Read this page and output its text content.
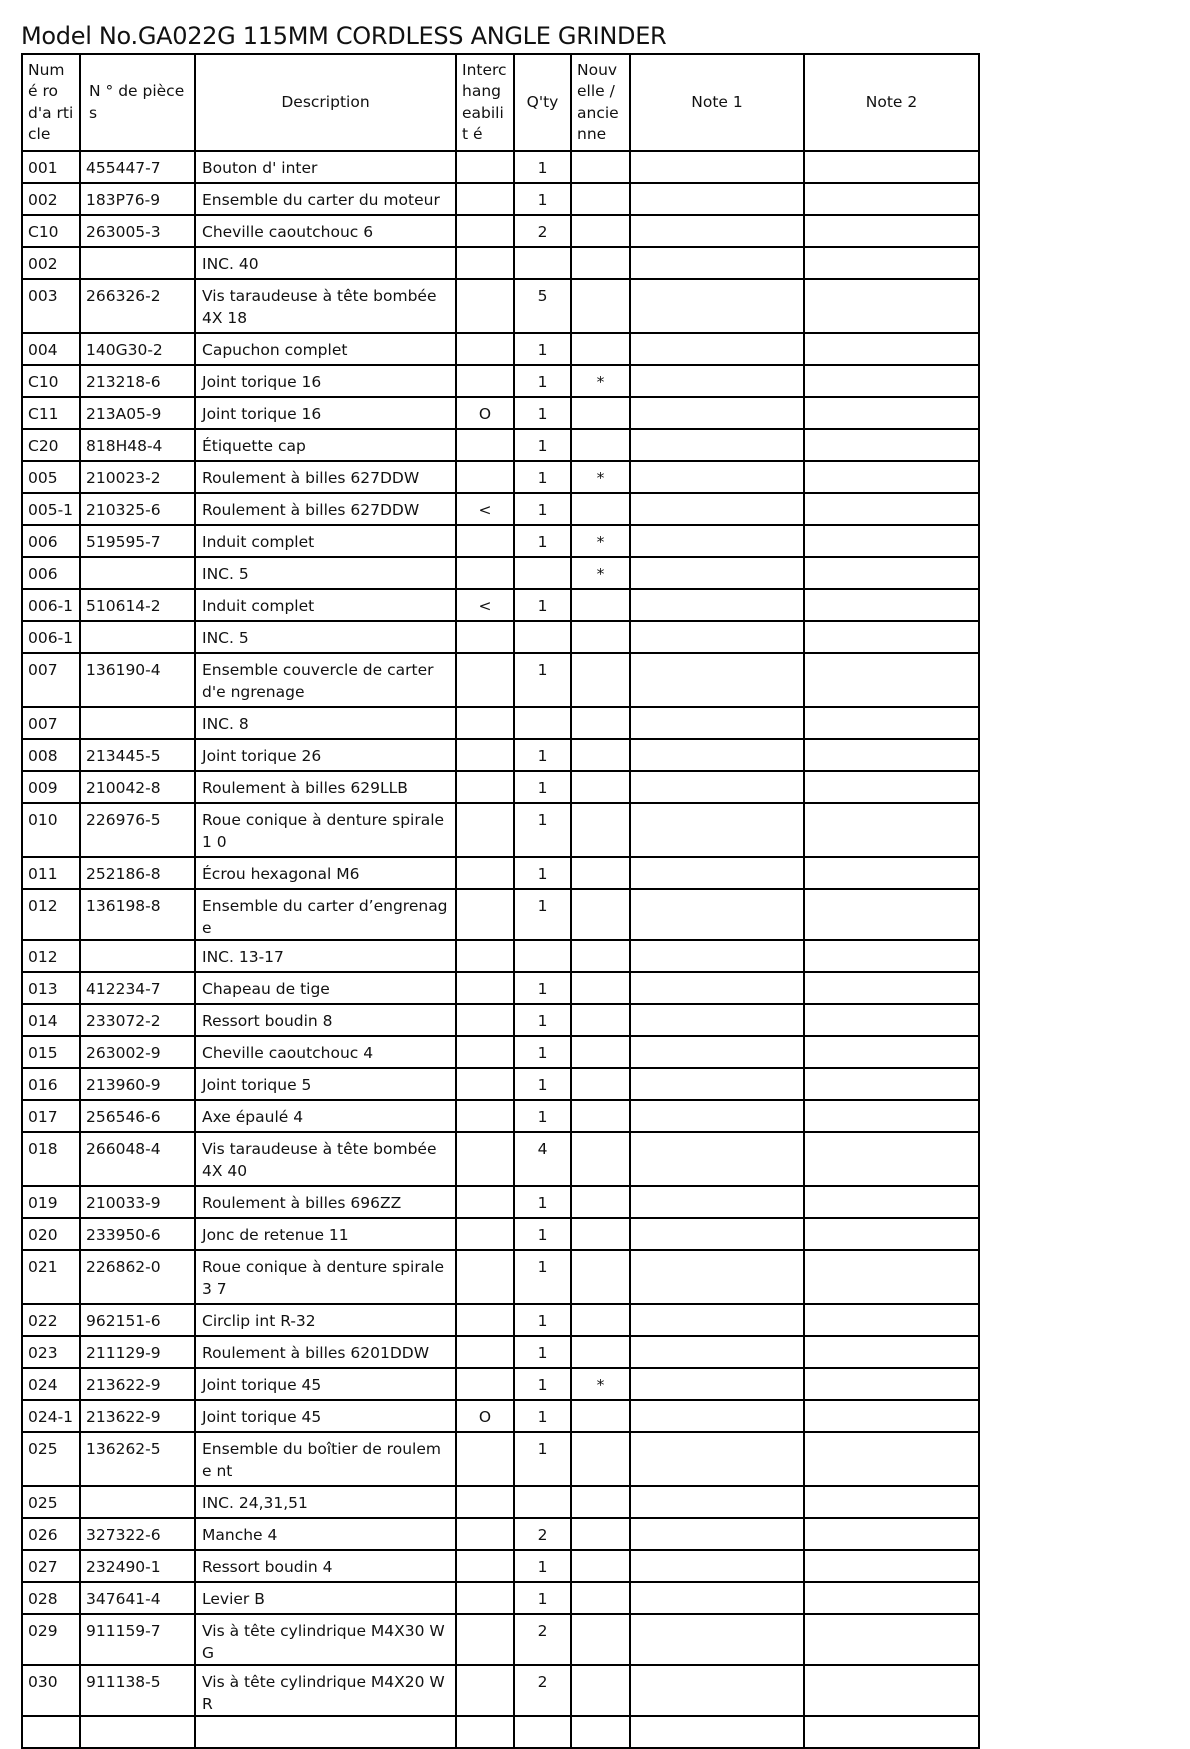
Model No.GA022G 115MM CORDLESS ANGLE GRINDER
Numé ro d'a rticle	N ° de pièces	Description	Interc hang eabilit é	Q'ty	Nouv elle / ancie nne	Note 1	Note 2
001	455447-7	Bouton d' inter		1			
002	183P76-9	Ensemble du carter du moteur		1			
C10	263005-3	Cheville caoutchouc 6		2			
002		INC. 40					
003	266326-2	Vis taraudeuse à tête bombée 4X 18		5			
004	140G30-2	Capuchon complet		1			
C10	213218-6	Joint torique 16		1	*		
C11	213A05-9	Joint torique 16	O	1			
C20	818H48-4	Étiquette cap		1			
005	210023-2	Roulement à billes 627DDW		1	*		
005-1	210325-6	Roulement à billes 627DDW	<	1			
006	519595-7	Induit complet		1	*		
006		INC. 5			*		
006-1	510614-2	Induit complet	<	1			
006-1		INC. 5					
007	136190-4	Ensemble couvercle de carter d'e ngrenage		1			
007		INC. 8					
008	213445-5	Joint torique 26		1			
009	210042-8	Roulement à billes 629LLB		1			
010	226976-5	Roue conique à denture spirale 1 0		1			
011	252186-8	Écrou hexagonal M6		1			
012	136198-8	Ensemble du carter d’engrenage		1			
012		INC. 13-17					
013	412234-7	Chapeau de tige		1			
014	233072-2	Ressort boudin 8		1			
015	263002-9	Cheville caoutchouc 4		1			
016	213960-9	Joint torique 5		1			
017	256546-6	Axe épaulé 4		1			
018	266048-4	Vis taraudeuse à tête bombée 4X 40		4			
019	210033-9	Roulement à billes 696ZZ		1			
020	233950-6	Jonc de retenue 11		1			
021	226862-0	Roue conique à denture spirale 3 7		1			
022	962151-6	Circlip int R-32		1			
023	211129-9	Roulement à billes 6201DDW		1			
024	213622-9	Joint torique 45		1	*		
024-1	213622-9	Joint torique 45	O	1			
025	136262-5	Ensemble du boîtier de rouleme nt		1			
025		INC. 24,31,51					
026	327322-6	Manche 4		2			
027	232490-1	Ressort boudin 4		1			
028	347641-4	Levier B		1			
029	911159-7	Vis à tête cylindrique M4X30 WG		2			
030	911138-5	Vis à tête cylindrique M4X20 WR		2			
